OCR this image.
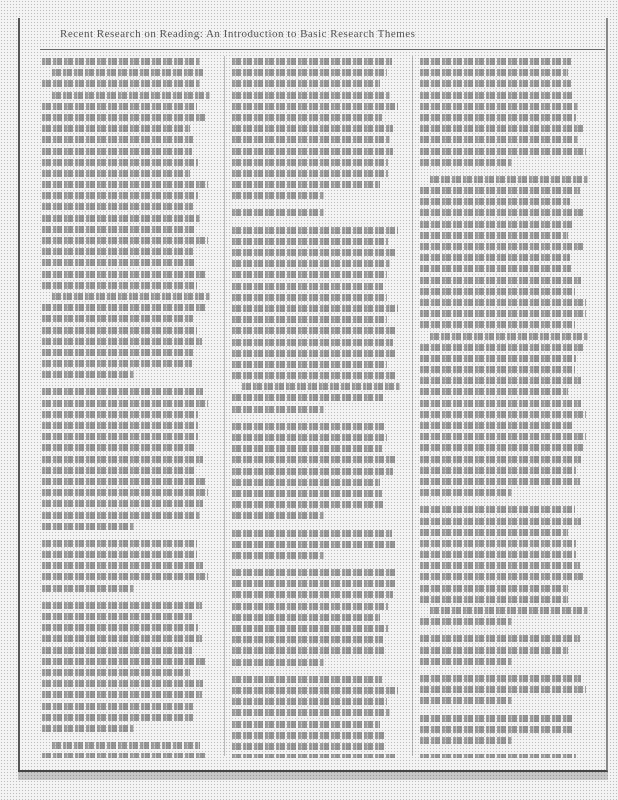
Recent Research on Reading: An Introduction to Basic Research Themes
